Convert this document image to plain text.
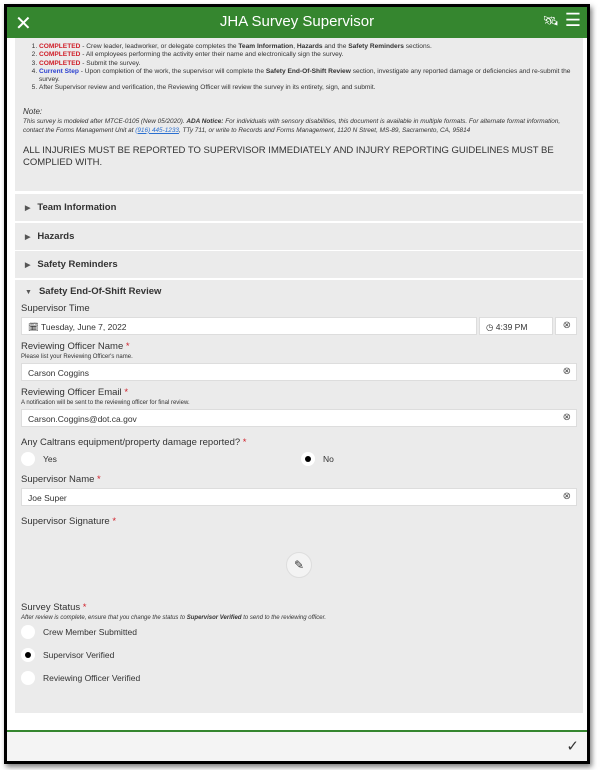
✕	JHA Survey Supervisor	🛰 ☰
1. COMPLETED - Crew leader, leadworker, or delegate completes the Team Information, Hazards and the Safety Reminders sections.
2. COMPLETED - All employees performing the activity enter their name and electronically sign the survey.
3. COMPLETED - Submit the survey.
4. Current Step - Upon completion of the work, the supervisor will complete the Safety End-Of-Shift Review section, investigate any reported damage or deficiencies and re-submit the survey.
5. After Supervisor review and verification, the Reviewing Officer will review the survey in its entirety, sign, and submit.
Note:
This survey is modeled after MTCE-0105 (New 05/2020). ADA Notice: For individuals with sensory disabilities, this document is available in multiple formats. For alternate format information, contact the Forms Management Unit at (916) 445-1233, TTy 711, or write to Records and Forms Management, 1120 N Street, MS-89, Sacramento, CA, 95814
ALL INJURIES MUST BE REPORTED TO SUPERVISOR IMMEDIATELY AND INJURY REPORTING GUIDELINES MUST BE COMPLIED WITH.
▶ Team Information
▶ Hazards
▶ Safety Reminders
▼ Safety End-Of-Shift Review
Supervisor Time
🗓 Tuesday, June 7, 2022	◷ 4:39 PM	⊗
Reviewing Officer Name *
Please list your Reviewing Officer's name.
Carson Coggins	⊗
Reviewing Officer Email *
A notification will be sent to the reviewing officer for final review.
Carson.Coggins@dot.ca.gov	⊗
Any Caltrans equipment/property damage reported? *
Yes	No
Supervisor Name *
Joe Super	⊗
Supervisor Signature *
✎
Survey Status *
After review is complete, ensure that you change the status to Supervisor Verified to send to the reviewing officer.
Crew Member Submitted
Supervisor Verified
Reviewing Officer Verified
✓
